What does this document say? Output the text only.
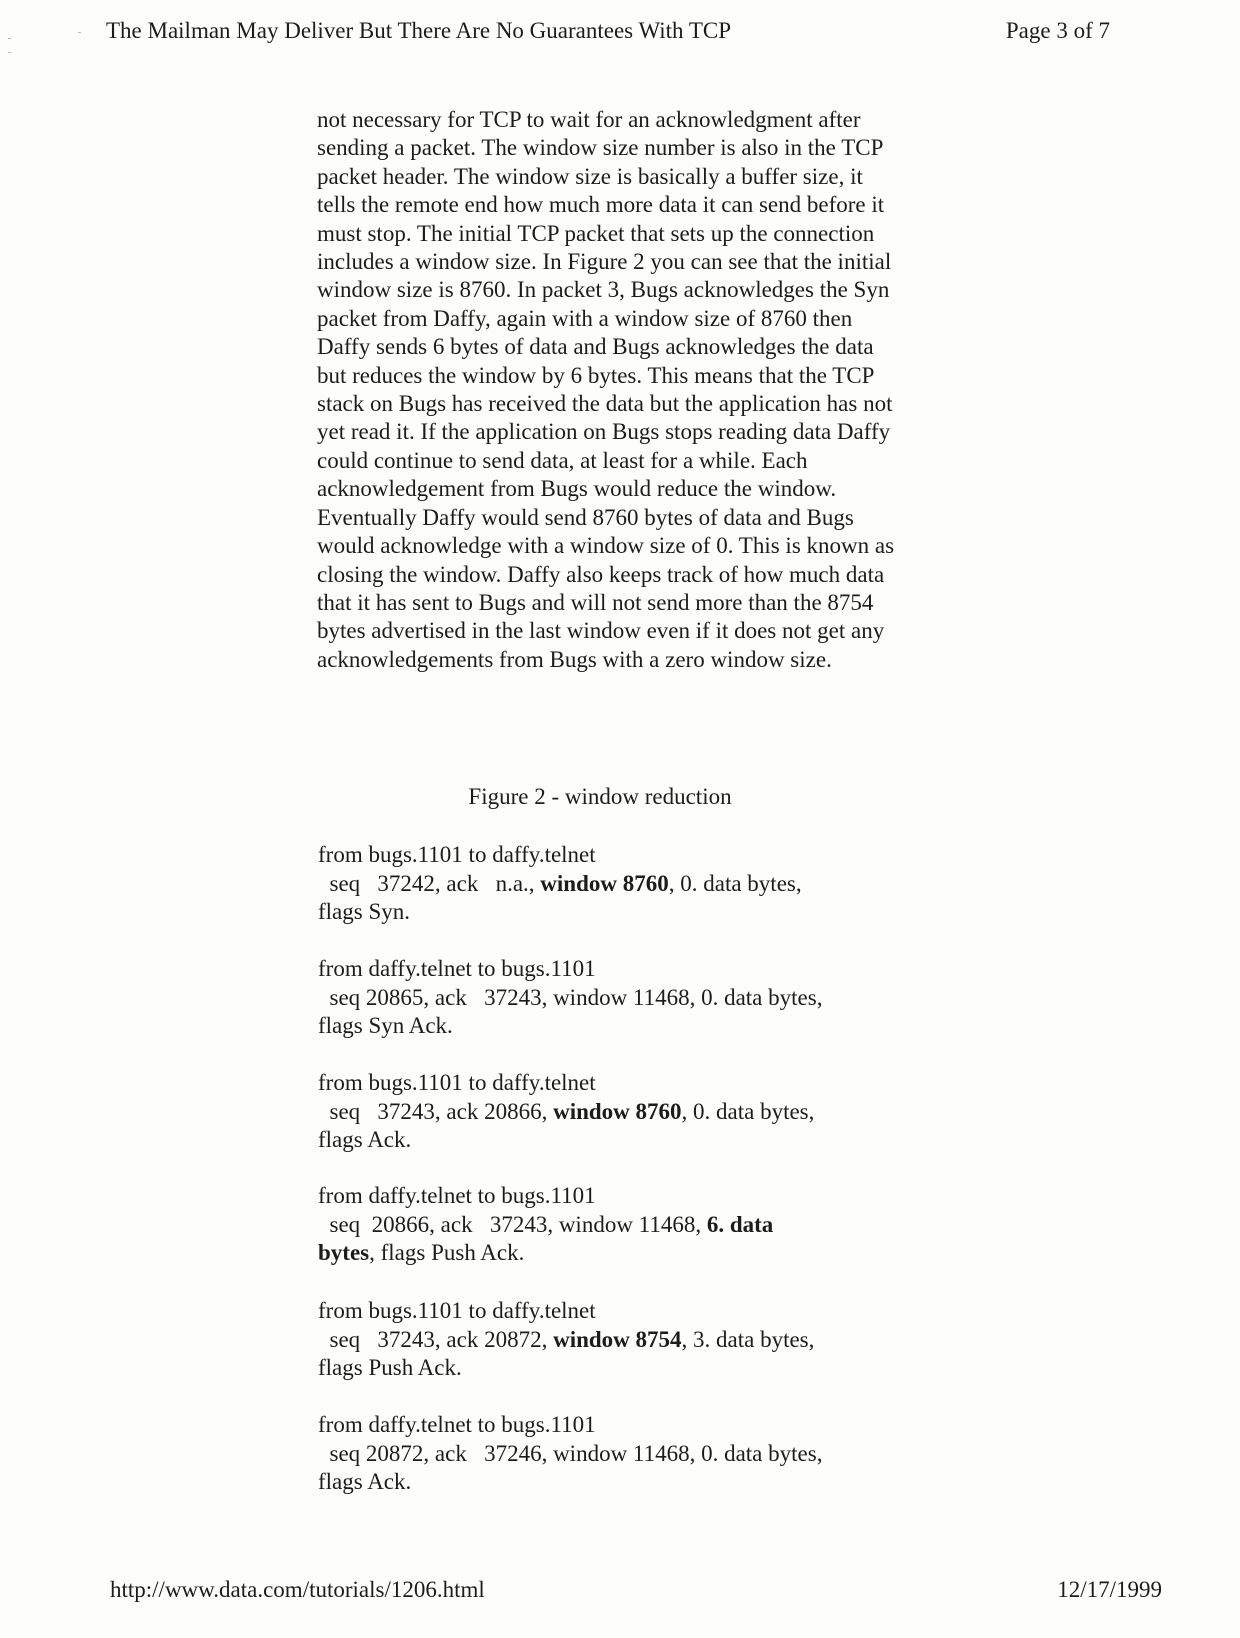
The Mailman May Deliver But There Are No Guarantees With TCP	Page 3 of 7

not necessary for TCP to wait for an acknowledgment after sending a packet. The window size number is also in the TCP packet header. The window size is basically a buffer size, it tells the remote end how much more data it can send before it must stop. The initial TCP packet that sets up the connection includes a window size. In Figure 2 you can see that the initial window size is 8760. In packet 3, Bugs acknowledges the Syn packet from Daffy, again with a window size of 8760 then Daffy sends 6 bytes of data and Bugs acknowledges the data but reduces the window by 6 bytes. This means that the TCP stack on Bugs has received the data but the application has not yet read it. If the application on Bugs stops reading data Daffy could continue to send data, at least for a while. Each acknowledgement from Bugs would reduce the window. Eventually Daffy would send 8760 bytes of data and Bugs would acknowledge with a window size of 0. This is known as closing the window. Daffy also keeps track of how much data that it has sent to Bugs and will not send more than the 8754 bytes advertised in the last window even if it does not get any acknowledgements from Bugs with a zero window size.

Figure 2 - window reduction
from bugs.1101 to daffy.telnet
seq   37242, ack   n.a., window 8760, 0. data bytes,
flags Syn.
from daffy.telnet to bugs.1101
seq 20865, ack   37243, window 11468, 0. data bytes,
flags Syn Ack.
from bugs.1101 to daffy.telnet
seq   37243, ack 20866, window 8760, 0. data bytes,
flags Ack.
from daffy.telnet to bugs.1101
seq  20866, ack   37243, window 11468, 6. data
bytes, flags Push Ack.
from bugs.1101 to daffy.telnet
seq   37243, ack 20872, window 8754, 3. data bytes,
flags Push Ack.
from daffy.telnet to bugs.1101
seq 20872, ack   37246, window 11468, 0. data bytes,
flags Ack.
http://www.data.com/tutorials/1206.html	12/17/1999
